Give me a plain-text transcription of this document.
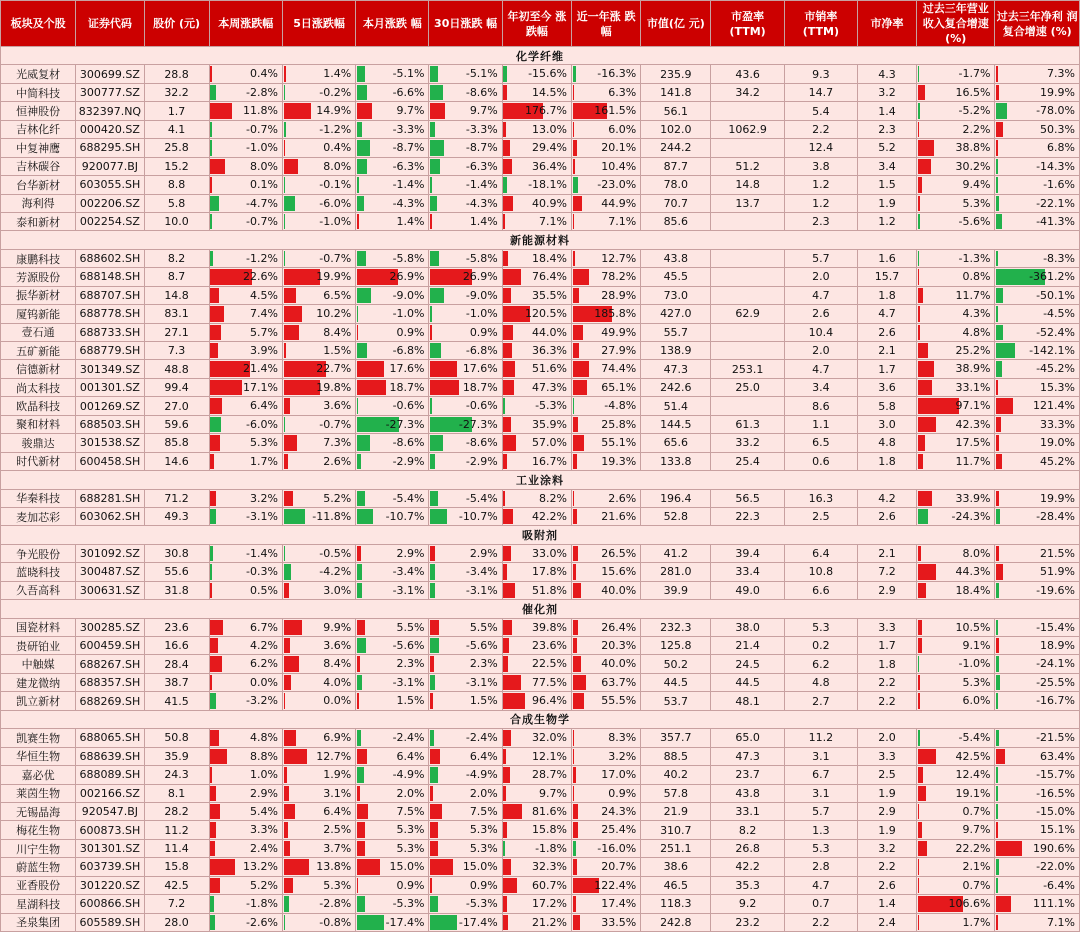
板块及个股	证券代码	股价 (元)	本周涨跌幅	5日涨跌幅	本月涨跌 幅	30日涨跌 幅	年初至今 涨跌幅	近一年涨 跌幅	市值(亿 元)	市盈率 (TTM)	市销率 (TTM)	市净率	过去三年营业 收入复合增速 (%)	过去三年净利 润复合增速 (%)
化学纤维														
光威复材	300699.SZ	28.8	0.4%	1.4%	-5.1%	-5.1%	-15.6%	-16.3%	235.9	43.6	9.3	4.3	-1.7%	7.3%

中简科技	300777.SZ	32.2	-2.8%	-0.2%	-6.6%	-8.6%	14.5%	6.3%	141.8	34.2	14.7	3.2	16.5%	19.9%

恒神股份	832397.NQ	1.7	11.8%	14.9%	9.7%	9.7%	176.7%	161.5%	56.1		5.4	1.4	-5.2%	-78.0%

吉林化纤	000420.SZ	4.1	-0.7%	-1.2%	-3.3%	-3.3%	13.0%	6.0%	102.0	1062.9	2.2	2.3	2.2%	50.3%

中复神鹰	688295.SH	25.8	-1.0%	0.4%	-8.7%	-8.7%	29.4%	20.1%	244.2		12.4	5.2	38.8%	6.8%

吉林碳谷	920077.BJ	15.2	8.0%	8.0%	-6.3%	-6.3%	36.4%	10.4%	87.7	51.2	3.8	3.4	30.2%	-14.3%

台华新材	603055.SH	8.8	0.1%	-0.1%	-1.4%	-1.4%	-18.1%	-23.0%	78.0	14.8	1.2	1.5	9.4%	-1.6%

海利得	002206.SZ	5.8	-4.7%	-6.0%	-4.3%	-4.3%	40.9%	44.9%	70.7	13.7	1.2	1.9	5.3%	-22.1%

泰和新材	002254.SZ	10.0	-0.7%	-1.0%	1.4%	1.4%	7.1%	7.1%	85.6		2.3	1.2	-5.6%	-41.3%

新能源材料														
康鹏科技	688602.SH	8.2	-1.2%	-0.7%	-5.8%	-5.8%	18.4%	12.7%	43.8		5.7	1.6	-1.3%	-8.3%

芳源股份	688148.SH	8.7	22.6%	19.9%	26.9%	26.9%	76.4%	78.2%	45.5		2.0	15.7	0.8%	-361.2%

振华新材	688707.SH	14.8	4.5%	6.5%	-9.0%	-9.0%	35.5%	28.9%	73.0		4.7	1.8	11.7%	-50.1%

厦钨新能	688778.SH	83.1	7.4%	10.2%	-1.0%	-1.0%	120.5%	185.8%	427.0	62.9	2.6	4.7	4.3%	-4.5%

壹石通	688733.SH	27.1	5.7%	8.4%	0.9%	0.9%	44.0%	49.9%	55.7		10.4	2.6	4.8%	-52.4%

五矿新能	688779.SH	7.3	3.9%	1.5%	-6.8%	-6.8%	36.3%	27.9%	138.9		2.0	2.1	25.2%	-142.1%

信德新材	301349.SZ	48.8	21.4%	22.7%	17.6%	17.6%	51.6%	74.4%	47.3	253.1	4.7	1.7	38.9%	-45.2%

尚太科技	001301.SZ	99.4	17.1%	19.8%	18.7%	18.7%	47.3%	65.1%	242.6	25.0	3.4	3.6	33.1%	15.3%

欧晶科技	001269.SZ	27.0	6.4%	3.6%	-0.6%	-0.6%	-5.3%	-4.8%	51.4		8.6	5.8	97.1%	121.4%

聚和材料	688503.SH	59.6	-6.0%	-0.7%	-27.3%	-27.3%	35.9%	25.8%	144.5	61.3	1.1	3.0	42.3%	33.3%

骏鼎达	301538.SZ	85.8	5.3%	7.3%	-8.6%	-8.6%	57.0%	55.1%	65.6	33.2	6.5	4.8	17.5%	19.0%

时代新材	600458.SH	14.6	1.7%	2.6%	-2.9%	-2.9%	16.7%	19.3%	133.8	25.4	0.6	1.8	11.7%	45.2%

工业涂料														
华秦科技	688281.SH	71.2	3.2%	5.2%	-5.4%	-5.4%	8.2%	2.6%	196.4	56.5	16.3	4.2	33.9%	19.9%

麦加芯彩	603062.SH	49.3	-3.1%	-11.8%	-10.7%	-10.7%	42.2%	21.6%	52.8	22.3	2.5	2.6	-24.3%	-28.4%

吸附剂														
争光股份	301092.SZ	30.8	-1.4%	-0.5%	2.9%	2.9%	33.0%	26.5%	41.2	39.4	6.4	2.1	8.0%	21.5%

蓝晓科技	300487.SZ	55.6	-0.3%	-4.2%	-3.4%	-3.4%	17.8%	15.6%	281.0	33.4	10.8	7.2	44.3%	51.9%

久吾高科	300631.SZ	31.8	0.5%	3.0%	-3.1%	-3.1%	51.8%	40.0%	39.9	49.0	6.6	2.9	18.4%	-19.6%

催化剂														
国瓷材料	300285.SZ	23.6	6.7%	9.9%	5.5%	5.5%	39.8%	26.4%	232.3	38.0	5.3	3.3	10.5%	-15.4%

贵研铂业	600459.SH	16.6	4.2%	3.6%	-5.6%	-5.6%	23.6%	20.3%	125.8	21.4	0.2	1.7	9.1%	18.9%

中触媒	688267.SH	28.4	6.2%	8.4%	2.3%	2.3%	22.5%	40.0%	50.2	24.5	6.2	1.8	-1.0%	-24.1%

建龙微纳	688357.SH	38.7	0.0%	4.0%	-3.1%	-3.1%	77.5%	63.7%	44.5	44.5	4.8	2.2	5.3%	-25.5%

凯立新材	688269.SH	41.5	-3.2%	0.0%	1.5%	1.5%	96.4%	55.5%	53.7	48.1	2.7	2.2	6.0%	-16.7%

合成生物学														
凯赛生物	688065.SH	50.8	4.8%	6.9%	-2.4%	-2.4%	32.0%	8.3%	357.7	65.0	11.2	2.0	-5.4%	-21.5%

华恒生物	688639.SH	35.9	8.8%	12.7%	6.4%	6.4%	12.1%	3.2%	88.5	47.3	3.1	3.3	42.5%	63.4%

嘉必优	688089.SH	24.3	1.0%	1.9%	-4.9%	-4.9%	28.7%	17.0%	40.2	23.7	6.7	2.5	12.4%	-15.7%

莱茵生物	002166.SZ	8.1	2.9%	3.1%	2.0%	2.0%	9.7%	0.9%	57.8	43.8	3.1	1.9	19.1%	-16.5%

无锡晶海	920547.BJ	28.2	5.4%	6.4%	7.5%	7.5%	81.6%	24.3%	21.9	33.1	5.7	2.9	0.7%	-15.0%

梅花生物	600873.SH	11.2	3.3%	2.5%	5.3%	5.3%	15.8%	25.4%	310.7	8.2	1.3	1.9	9.7%	15.1%

川宁生物	301301.SZ	11.4	2.4%	3.7%	5.3%	5.3%	-1.8%	-16.0%	251.1	26.8	5.3	3.2	22.2%	190.6%

蔚蓝生物	603739.SH	15.8	13.2%	13.8%	15.0%	15.0%	32.3%	20.7%	38.6	42.2	2.8	2.2	2.1%	-22.0%

亚香股份	301220.SZ	42.5	5.2%	5.3%	0.9%	0.9%	60.7%	122.4%	46.5	35.3	4.7	2.6	0.7%	-6.4%

星湖科技	600866.SH	7.2	-1.8%	-2.8%	-5.3%	-5.3%	17.2%	17.4%	118.3	9.2	0.7	1.4	106.6%	111.1%

圣泉集团	605589.SH	28.0	-2.6%	-0.8%	-17.4%	-17.4%	21.2%	33.5%	242.8	23.2	2.2	2.4	1.7%	7.1%
